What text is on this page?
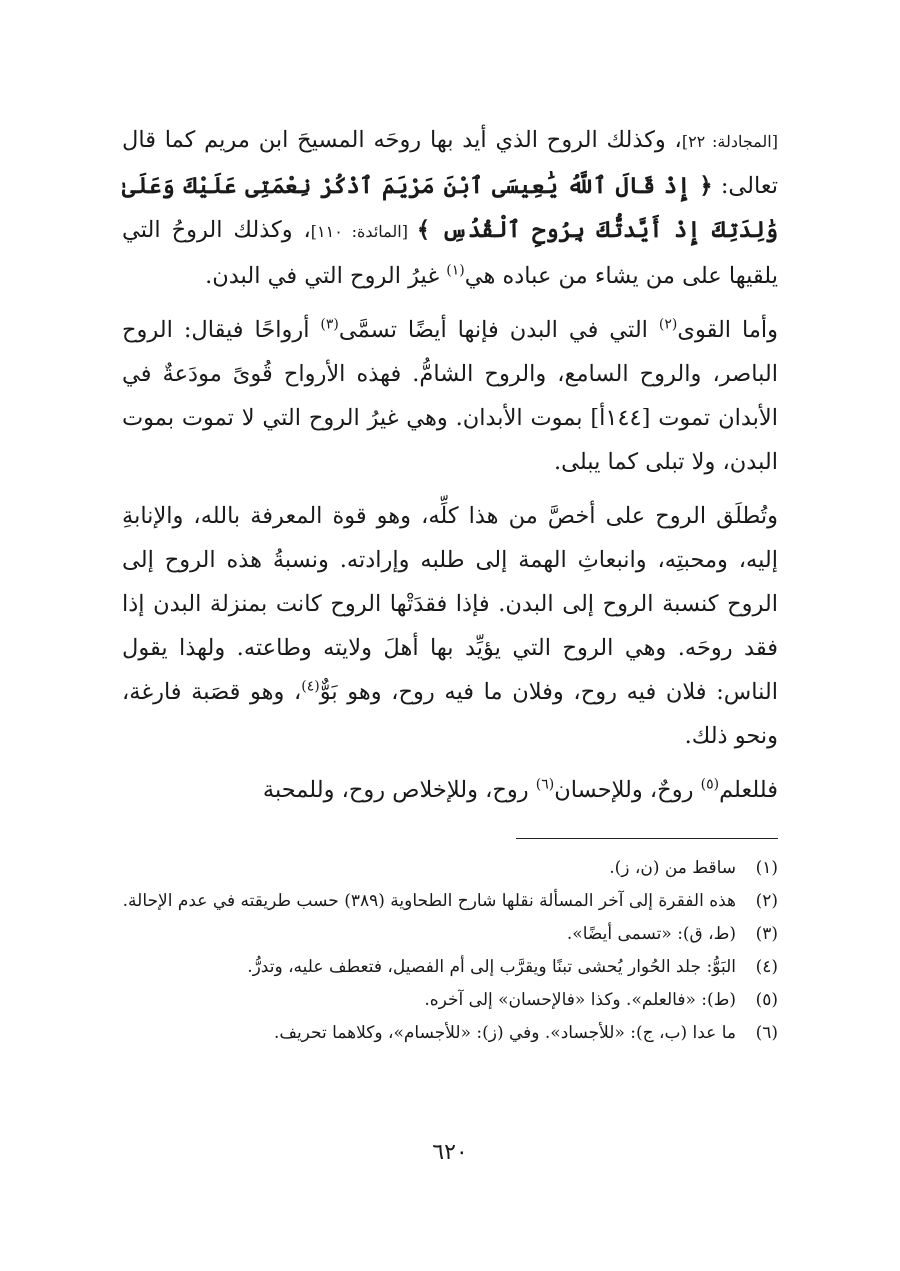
[المجادلة: ٢٢]، وكذلك الروح الذي أيد بها روحَه المسيحَ ابن مريم كما قال تعالى: ﴿ إِذْ قَالَ ٱللَّهُ يَٰعِيسَى ٱبْنَ مَرْيَمَ ٱذْكُرْ نِعْمَتِى عَلَيْكَ وَعَلَىٰ وَٰلِدَتِكَ إِذْ أَيَّدتُّكَ بِرُوحِ ٱلْقُدُسِ ﴾ [المائدة: ١١٠]، وكذلك الروحُ التي يلقيها على من يشاء من عباده هي$^{(١)}$ غيرُ الروح التي في البدن.

وأما القوى$^{(٢)}$ التي في البدن فإنها أيضًا تسمَّى$^{(٣)}$ أرواحًا فيقال: الروح الباصر، والروح السامع، والروح الشامُّ. فهذه الأرواح قُوىً مودَعةٌ في الأبدان تموت [١٤٤أ] بموت الأبدان. وهي غيرُ الروح التي لا تموت بموت البدن، ولا تبلى كما يبلى.

وتُطلَق الروح على أخصَّ من هذا كلِّه، وهو قوة المعرفة بالله، والإنابةِ إليه، ومحبتِه، وانبعاثِ الهمة إلى طلبه وإرادته. ونسبةُ هذه الروح إلى الروح كنسبة الروح إلى البدن. فإذا فقدَتْها الروح كانت بمنزلة البدن إذا فقد روحَه. وهي الروح التي يؤيِّد بها أهلَ ولايته وطاعته. ولهذا يقول الناس: فلان فيه روح، وفلان ما فيه روح، وهو بَوٌّ$^{(٤)}$، وهو قصَبة فارغة، ونحو ذلك.

فللعلم$^{(٥)}$ روحٌ، وللإحسان$^{(٦)}$ روح، وللإخلاص روح، وللمحبة

(١)
ساقط من (ن، ز).
(٢)
هذه الفقرة إلى آخر المسألة نقلها شارح الطحاوية (٣٨٩) حسب طريقته في عدم الإحالة.
(٣)
(ط، ق): «تسمى أيضًا».
(٤)
البَوُّ: جلد الحُوار يُحشى تبنًا ويقرَّب إلى أم الفصيل، فتعطف عليه، وتدرُّ.
(٥)
(ط): «فالعلم». وكذا «فالإحسان» إلى آخره.
(٦)
ما عدا (ب، ج): «للأجساد». وفي (ز): «للأجسام»، وكلاهما تحريف.
٦٢٠
